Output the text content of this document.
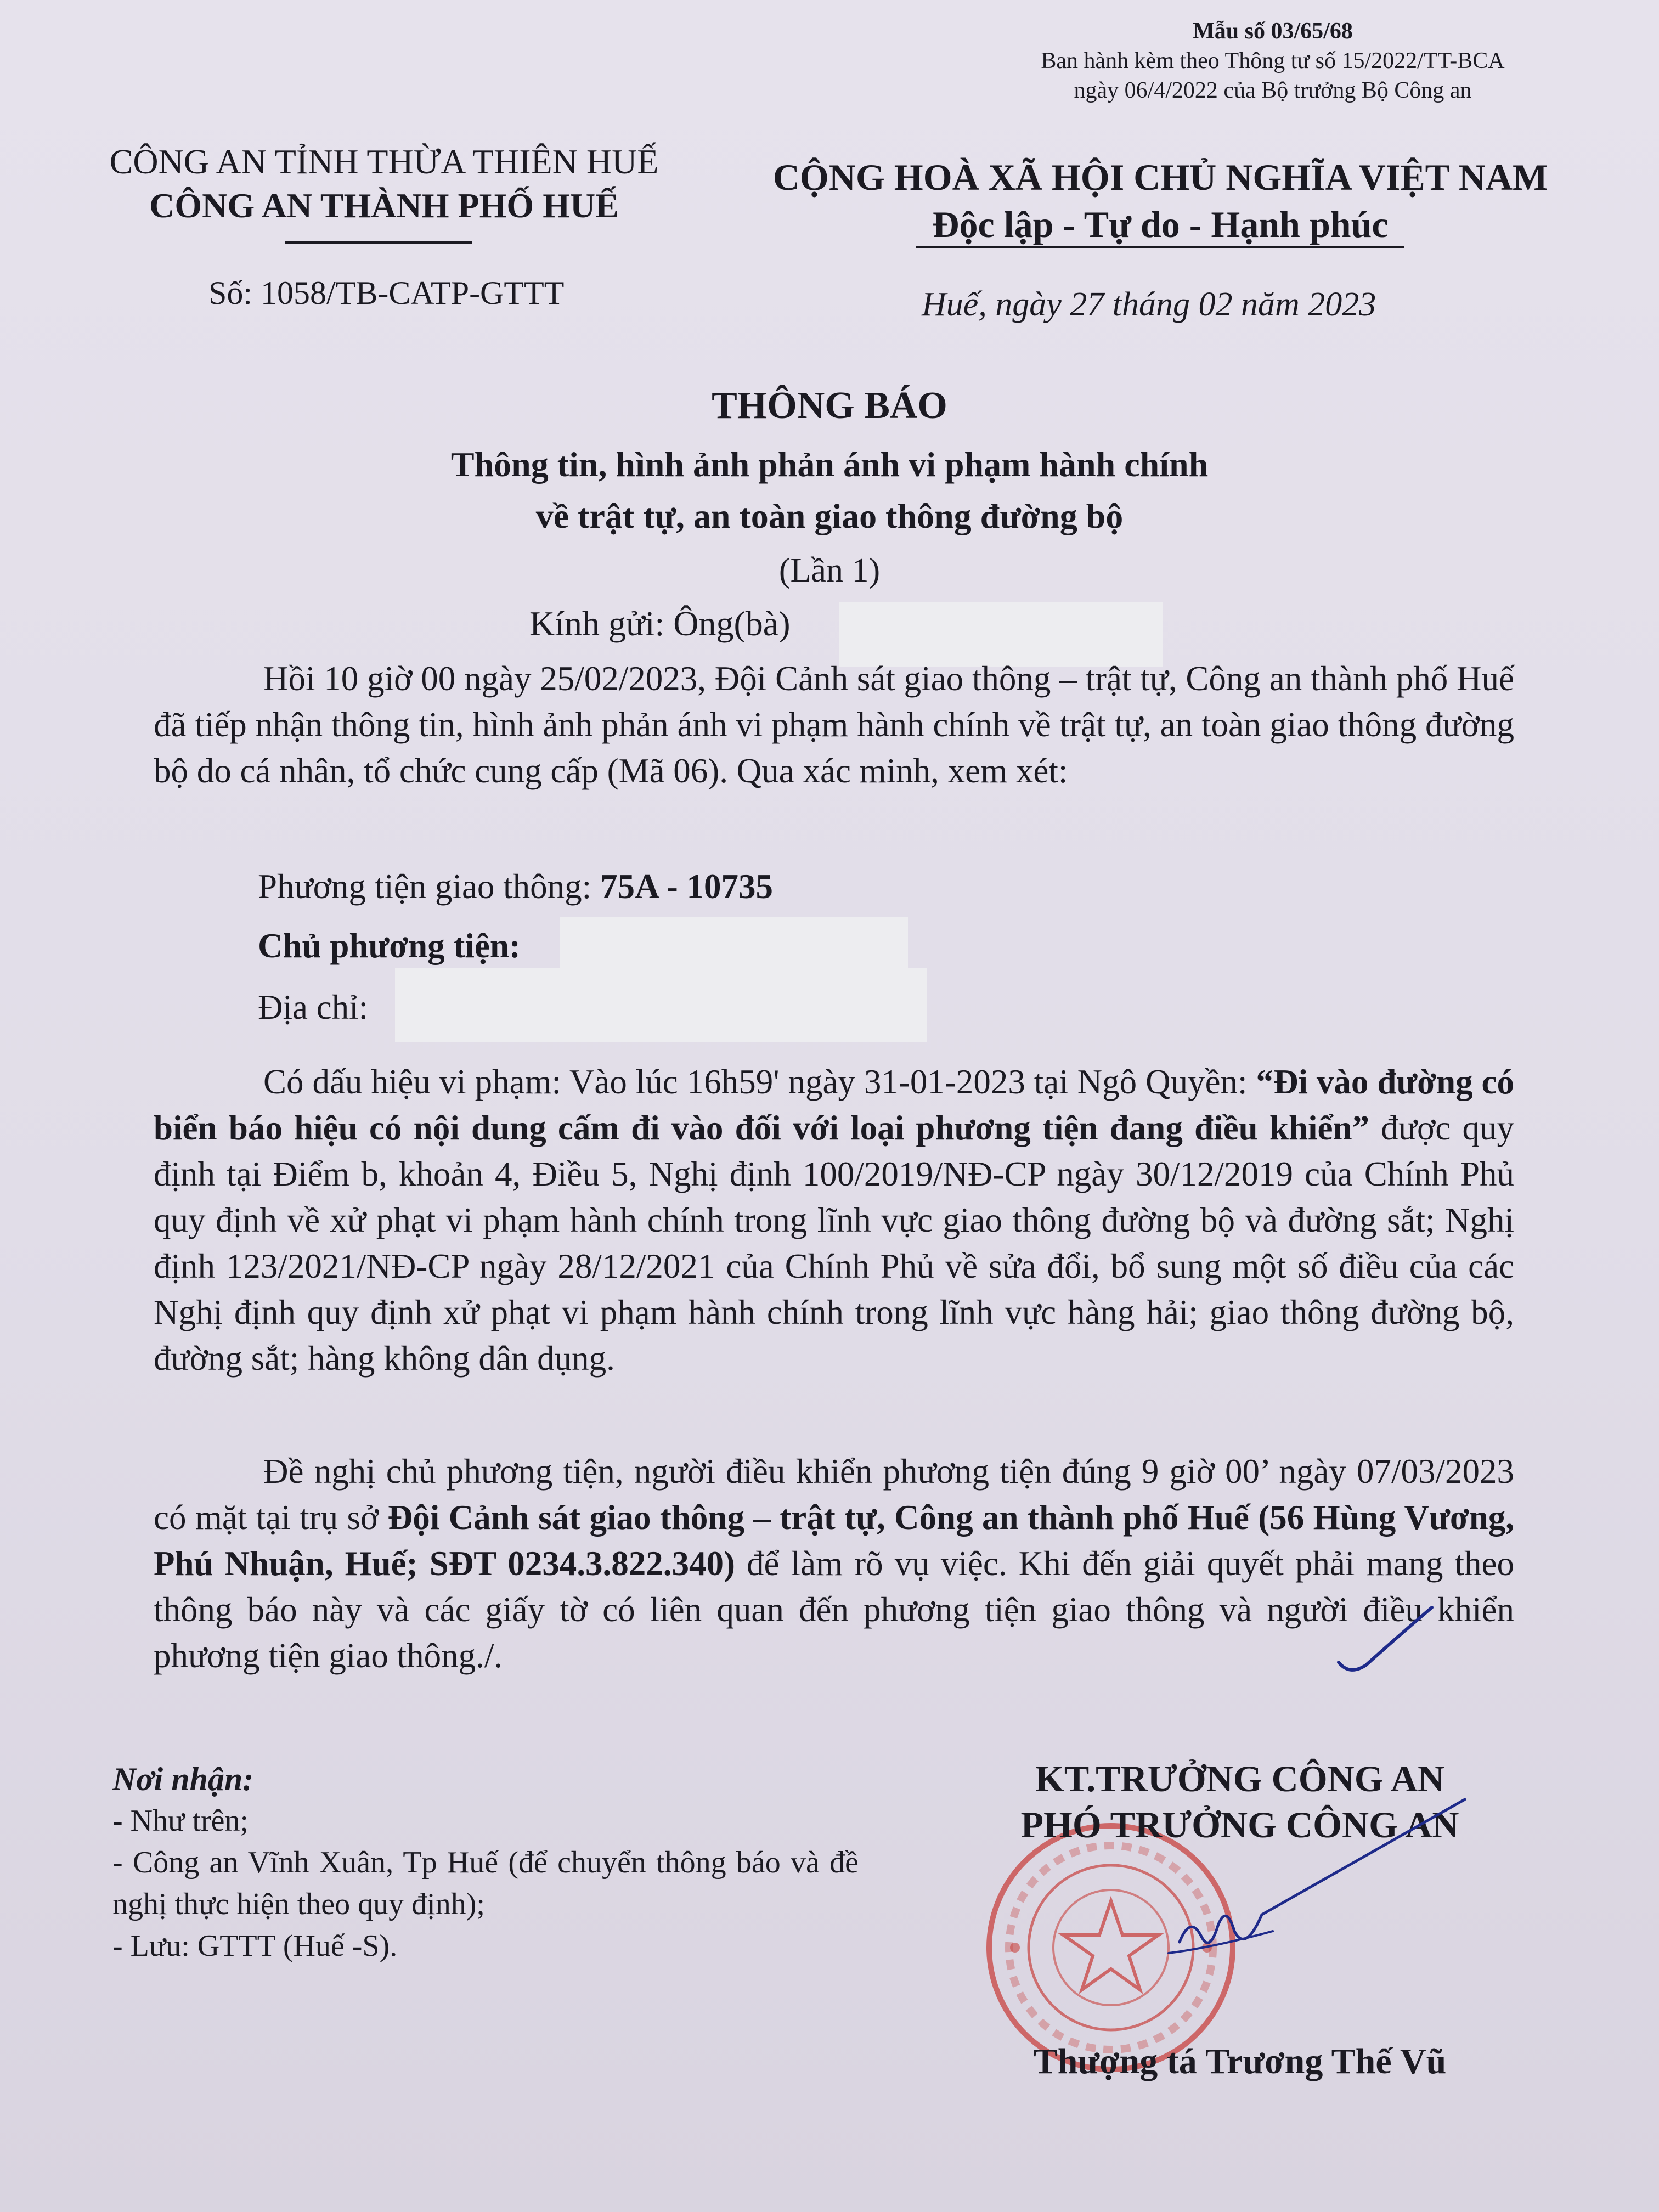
Mẫu số 03/65/68
Ban hành kèm theo Thông tư số 15/2022/TT-BCA
ngày 06/4/2022 của Bộ trưởng Bộ Công an
CÔNG AN TỈNH THỪA THIÊN HUẾ
CÔNG AN THÀNH PHỐ HUẾ
CỘNG HOÀ XÃ HỘI CHỦ NGHĨA VIỆT NAM
Độc lập - Tự do - Hạnh phúc
Số: 1058/TB-CATP-GTTT	Huế, ngày 27 tháng 02 năm 2023
THÔNG BÁO
Thông tin, hình ảnh phản ánh vi phạm hành chính
về trật tự, an toàn giao thông đường bộ
(Lần 1)
Kính gửi: Ông(bà)
Hồi 10 giờ 00 ngày 25/02/2023, Đội Cảnh sát giao thông – trật tự, Công an thành phố Huế đã tiếp nhận thông tin, hình ảnh phản ánh vi phạm hành chính về trật tự, an toàn giao thông đường bộ do cá nhân, tổ chức cung cấp (Mã 06). Qua xác minh, xem xét:
Phương tiện giao thông: 75A - 10735
Chủ phương tiện:
Địa chỉ:
Có dấu hiệu vi phạm: Vào lúc 16h59' ngày 31-01-2023 tại Ngô Quyền: “Đi vào đường có biển báo hiệu có nội dung cấm đi vào đối với loại phương tiện đang điều khiển” được quy định tại Điểm b, khoản 4, Điều 5, Nghị định 100/2019/NĐ-CP ngày 30/12/2019 của Chính Phủ quy định về xử phạt vi phạm hành chính trong lĩnh vực giao thông đường bộ và đường sắt; Nghị định 123/2021/NĐ-CP ngày 28/12/2021 của Chính Phủ về sửa đổi, bổ sung một số điều của các Nghị định quy định xử phạt vi phạm hành chính trong lĩnh vực hàng hải; giao thông đường bộ, đường sắt; hàng không dân dụng.
Đề nghị chủ phương tiện, người điều khiển phương tiện đúng 9 giờ 00’ ngày 07/03/2023 có mặt tại trụ sở Đội Cảnh sát giao thông – trật tự, Công an thành phố Huế (56 Hùng Vương, Phú Nhuận, Huế; SĐT 0234.3.822.340) để làm rõ vụ việc. Khi đến giải quyết phải mang theo thông báo này và các giấy tờ có liên quan đến phương tiện giao thông và người điều khiển phương tiện giao thông./.
Nơi nhận:
- Như trên;
- Công an Vĩnh Xuân, Tp Huế (để chuyển thông báo và đề nghị thực hiện theo quy định);
- Lưu: GTTT (Huế -S).
KT.TRƯỞNG CÔNG AN
PHÓ TRƯỞNG CÔNG AN
Thượng tá Trương Thế Vũ
